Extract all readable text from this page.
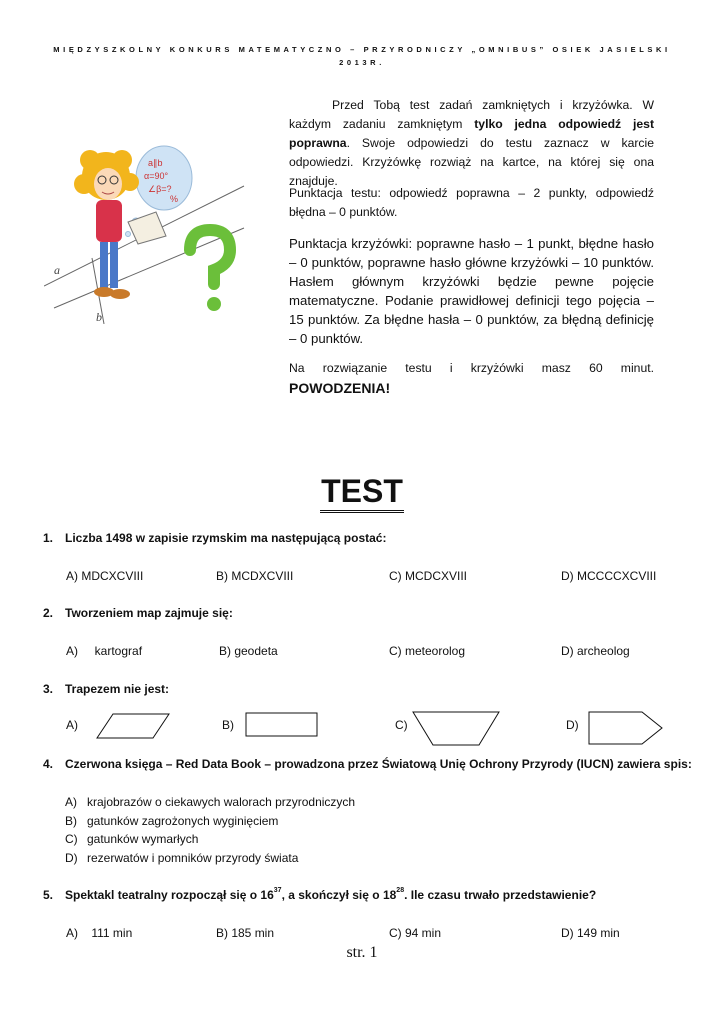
MIĘDZYSZKOLNY KONKURS MATEMATYCZNO – PRZYRODNICZY „OMNIBUS” OSIEK JASIELSKI
2013R.
a
b
a∥b
α=90°
∠β=?
%
Przed Tobą test zadań zamkniętych i krzyżówka. W każdym zadaniu zamkniętym tylko jedna odpowiedź jest poprawna. Swoje odpowiedzi do testu zaznacz w karcie odpowiedzi. Krzyżówkę rozwiąż na kartce, na której się ona znajduje.
Punktacja testu: odpowiedź poprawna – 2 punkty, odpowiedź błędna – 0 punktów.
Punktacja krzyżówki: poprawne hasło – 1 punkt, błędne hasło – 0 punktów, poprawne hasło główne krzyżówki – 10 punktów. Hasłem głównym krzyżówki będzie pewne pojęcie matematyczne. Podanie prawidłowej definicji tego pojęcia – 15 punktów. Za błędne hasła – 0 punktów, za błędną definicję – 0 punktów.
Na rozwiązanie testu i krzyżówki masz 60 minut.
POWODZENIA!
TEST
1. Liczba 1498 w zapisie rzymskim ma następującą postać:
A) MDCXCVIII	B) MCDXCVIII	C) MCDCXVIII	D) MCCCCXCVIII
2. Tworzeniem map zajmuje się:
A)     kartograf	B) geodeta	C) meteorolog	D) archeolog
3. Trapezem nie jest:
A)	B)	C)	D)
4. Czerwona księga – Red Data Book – prowadzona przez Światową Unię Ochrony Przyrody (IUCN) zawiera spis:
A) krajobrazów o ciekawych walorach przyrodniczych
B) gatunków zagrożonych wyginięciem
C) gatunków wymarłych
D) rezerwatów i pomników przyrody świata
5. Spektakl teatralny rozpoczął się o $16^{37}$, a skończył się o $18^{28}$. Ile czasu trwało przedstawienie?
A)    111 min	B) 185 min	C) 94 min	D) 149 min
str. 1
